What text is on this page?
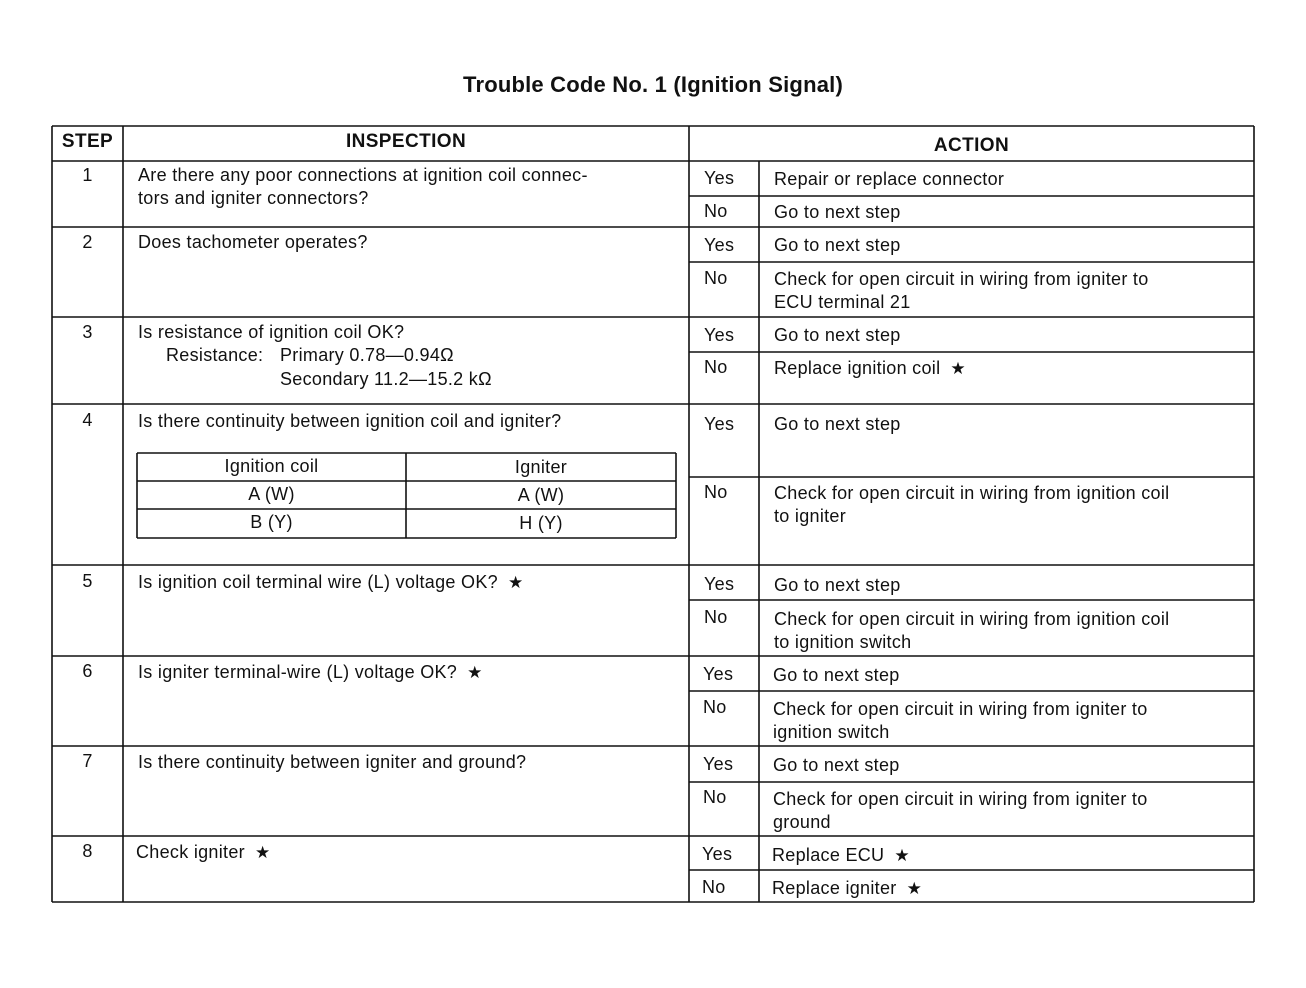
Trouble Code No. 1 (Ignition Signal)
STEP	INSPECTION	ACTION
1	Are there any poor connections at ignition coil connec-
tors and igniter connectors?
Yes Repair or replace connector
No	Go to next step
2	Does tachometer operates?	Yes Go to next step
No	Check for open circuit in wiring from igniter to
ECU terminal 21
3	Is resistance of ignition coil OK?
Resistance: Primary 0.78—0.94Ω
Secondary 11.2—15.2 kΩ
Yes Go to next step
No	Replace ignition coil ★
4	Is there continuity between ignition coil and igniter?
Ignition coil	Igniter
A (W)	A (W)
B (Y)	H (Y)
Yes Go to next step
No	Check for open circuit in wiring from ignition coil
to igniter
5	Is ignition coil terminal wire (L) voltage OK? ★	Yes Go to next step
No	Check for open circuit in wiring from ignition coil
to ignition switch
6	Is igniter terminal-wire (L) voltage OK? ★	Yes Go to next step
No	Check for open circuit in wiring from igniter to
ignition switch
7	Is there continuity between igniter and ground?	Yes Go to next step
No	Check for open circuit in wiring from igniter to
ground
8	Check igniter ★	Yes Replace ECU ★
No	Replace igniter ★
